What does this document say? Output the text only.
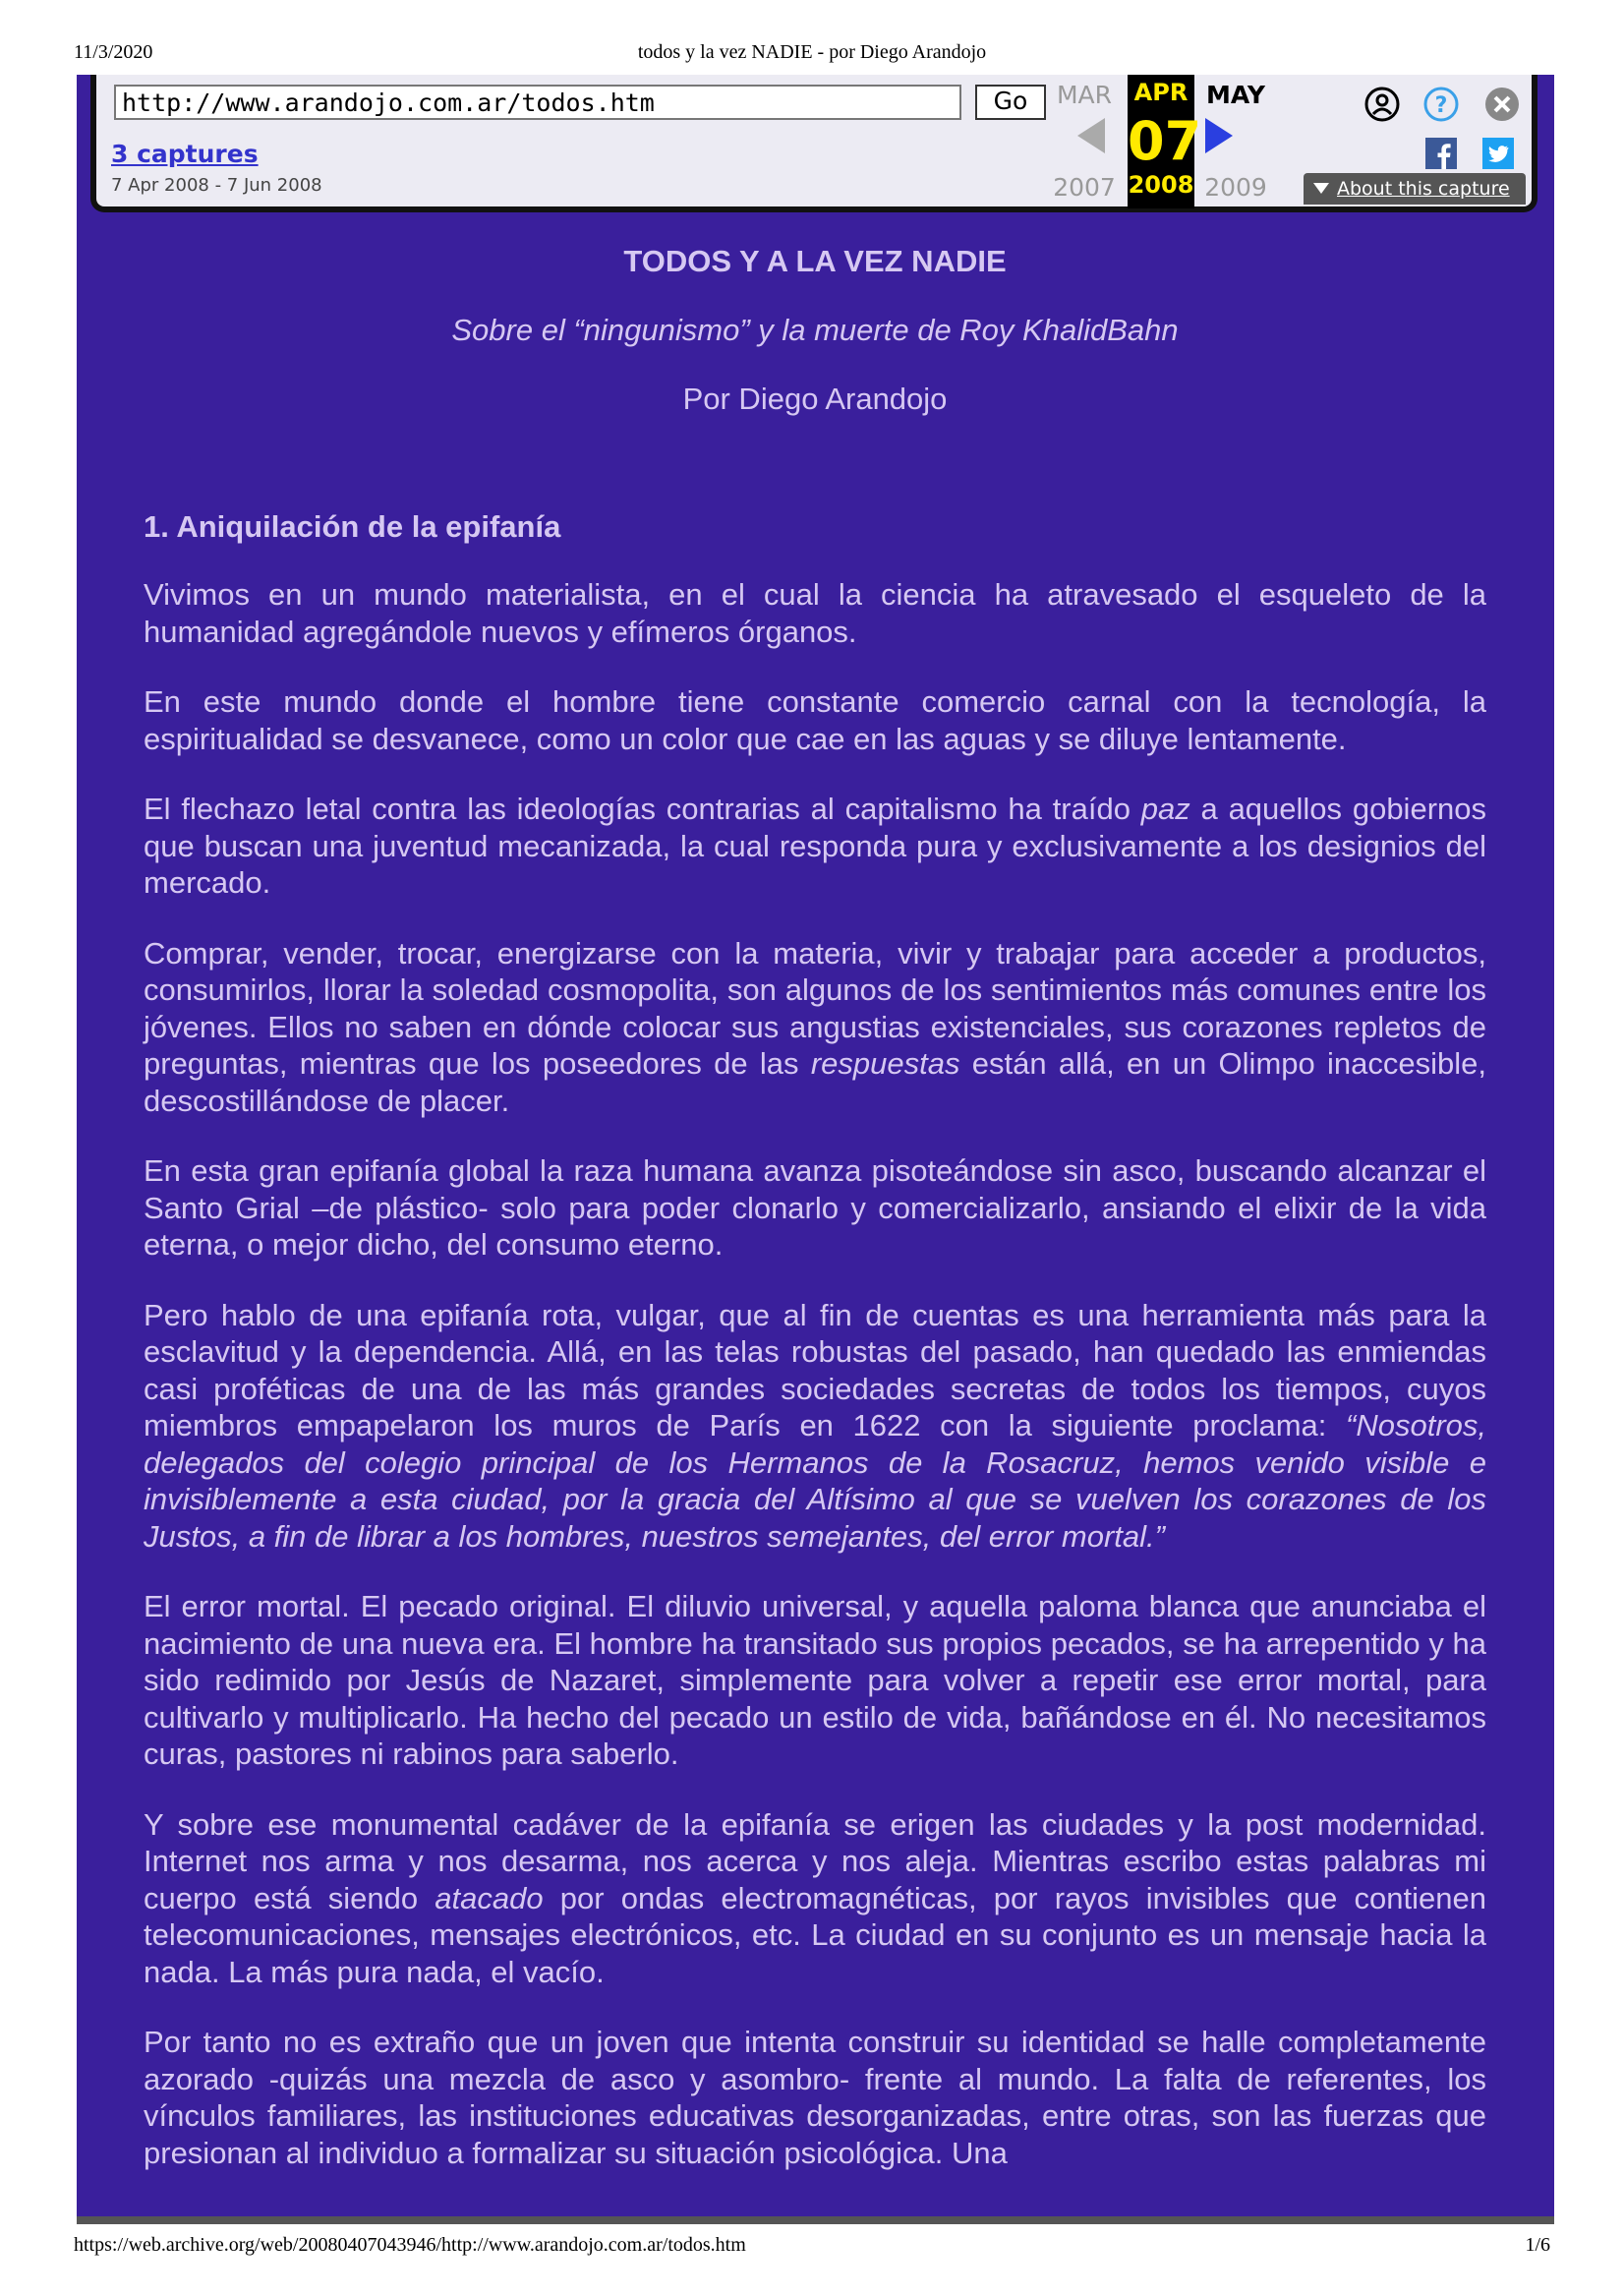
11/3/2020	todos y la vez NADIE - por Diego Arandojo
http://www.arandojo.com.ar/todos.htm	Go
3 captures
7 Apr 2008 - 7 Jun 2008
MAR
2007
APR
07
2008
MAY
2009
?
About this capture
TODOS Y A LA VEZ NADIE
Sobre el “ningunismo” y la muerte de Roy KhalidBahn
Por Diego Arandojo
1. Aniquilación de la epifanía

Vivimos en un mundo materialista, en el cual la ciencia ha atravesado el esqueleto de la humanidad agregándole nuevos y efímeros órganos.

En este mundo donde el hombre tiene constante comercio carnal con la tecnología, la espiritualidad se desvanece, como un color que cae en las aguas y se diluye lentamente.

El flechazo letal contra las ideologías contrarias al capitalismo ha traído paz a aquellos gobiernos que buscan una juventud mecanizada, la cual responda pura y exclusivamente a los designios del mercado.

Comprar, vender, trocar, energizarse con la materia, vivir y trabajar para acceder a productos, consumirlos, llorar la soledad cosmopolita, son algunos de los sentimientos más comunes entre los jóvenes. Ellos no saben en dónde colocar sus angustias existenciales, sus corazones repletos de preguntas, mientras que los poseedores de las respuestas están allá, en un Olimpo inaccesible, descostillándose de placer.

En esta gran epifanía global la raza humana avanza pisoteándose sin asco, buscando alcanzar el Santo Grial –de plástico- solo para poder clonarlo y comercializarlo, ansiando el elixir de la vida eterna, o mejor dicho, del consumo eterno.

Pero hablo de una epifanía rota, vulgar, que al fin de cuentas es una herramienta más para la esclavitud y la dependencia. Allá, en las telas robustas del pasado, han quedado las enmiendas casi proféticas de una de las más grandes sociedades secretas de todos los tiempos, cuyos miembros empapelaron los muros de París en 1622 con la siguiente proclama: “Nosotros, delegados del colegio principal de los Hermanos de la Rosacruz, hemos venido visible e invisiblemente a esta ciudad, por la gracia del Altísimo al que se vuelven los corazones de los Justos, a fin de librar a los hombres, nuestros semejantes, del error mortal.”

El error mortal. El pecado original. El diluvio universal, y aquella paloma blanca que anunciaba el nacimiento de una nueva era. El hombre ha transitado sus propios pecados, se ha arrepentido y ha sido redimido por Jesús de Nazaret, simplemente para volver a repetir ese error mortal, para cultivarlo y multiplicarlo. Ha hecho del pecado un estilo de vida, bañándose en él. No necesitamos curas, pastores ni rabinos para saberlo.

Y sobre ese monumental cadáver de la epifanía se erigen las ciudades y la post modernidad. Internet nos arma y nos desarma, nos acerca y nos aleja. Mientras escribo estas palabras mi cuerpo está siendo atacado por ondas electromagnéticas, por rayos invisibles que contienen telecomunicaciones, mensajes electrónicos, etc. La ciudad en su conjunto es un mensaje hacia la nada. La más pura nada, el vacío.

Por tanto no es extraño que un joven que intenta construir su identidad se halle completamente azorado -quizás una mezcla de asco y asombro- frente al mundo. La falta de referentes, los vínculos familiares, las instituciones educativas desorganizadas, entre otras, son las fuerzas que presionan al individuo a formalizar su situación psicológica. Una

https://web.archive.org/web/20080407043946/http://www.arandojo.com.ar/todos.htm	1/6
